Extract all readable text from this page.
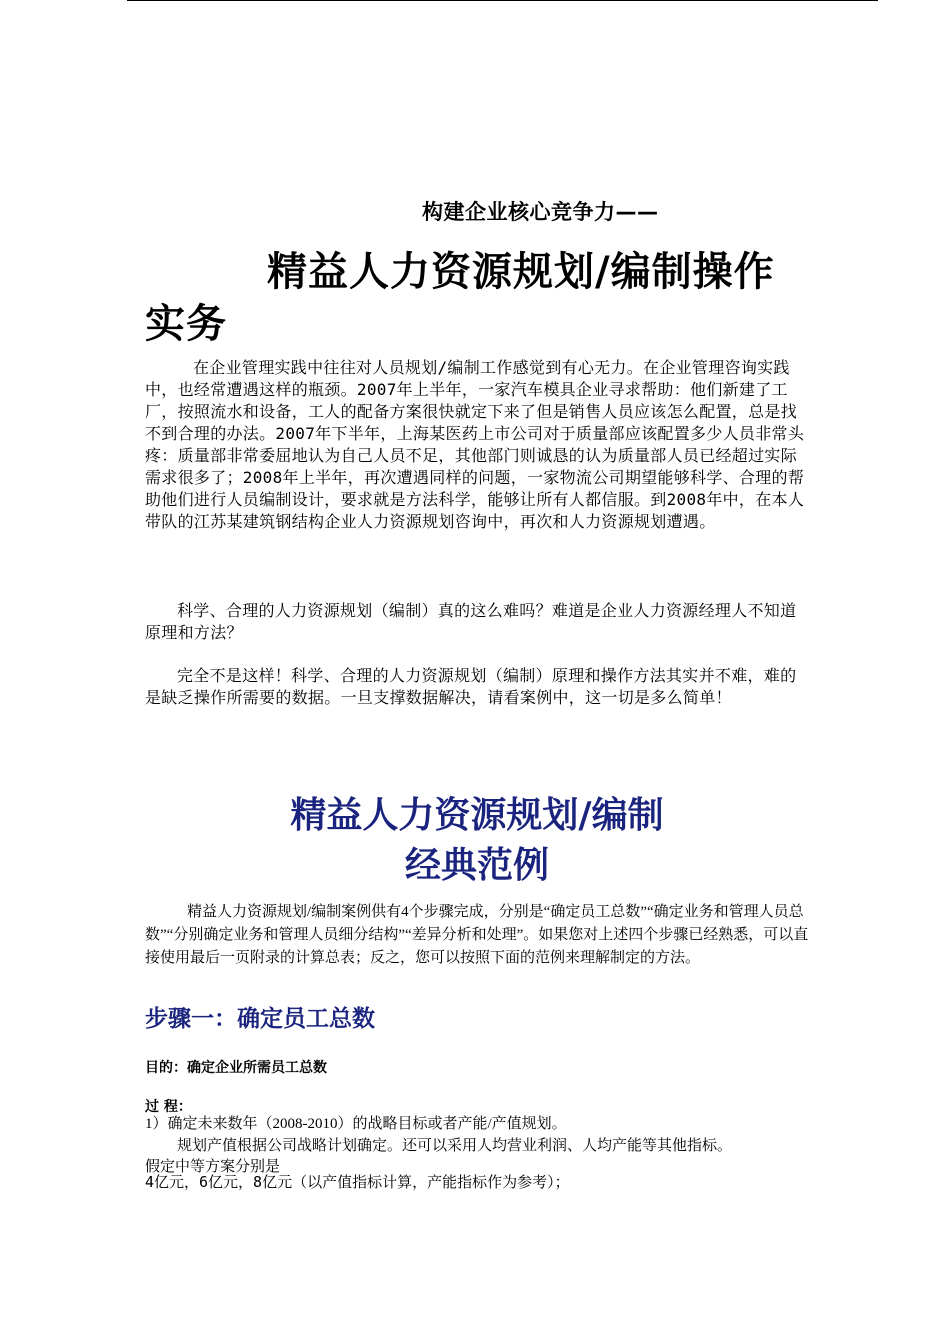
构建企业核心竞争力——
精益人力资源规划/编制操作实务
在企业管理实践中往往对人员规划/编制工作感觉到有心无力。在企业管理咨询实践中，也经常遭遇这样的瓶颈。2007年上半年，一家汽车模具企业寻求帮助：他们新建了工厂，按照流水和设备，工人的配备方案很快就定下来了但是销售人员应该怎么配置，总是找不到合理的办法。2007年下半年，上海某医药上市公司对于质量部应该配置多少人员非常头疼：质量部非常委屈地认为自己人员不足，其他部门则诚恳的认为质量部人员已经超过实际需求很多了；2008年上半年，再次遭遇同样的问题，一家物流公司期望能够科学、合理的帮助他们进行人员编制设计，要求就是方法科学，能够让所有人都信服。到2008年中，在本人带队的江苏某建筑钢结构企业人力资源规划咨询中，再次和人力资源规划遭遇。
科学、合理的人力资源规划（编制）真的这么难吗？难道是企业人力资源经理人不知道原理和方法？
完全不是这样！科学、合理的人力资源规划（编制）原理和操作方法其实并不难，难的是缺乏操作所需要的数据。一旦支撑数据解决，请看案例中，这一切是多么简单！
精益人力资源规划/编制
经典范例
精益人力资源规划/编制案例供有4个步骤完成，分别是“确定员工总数”“确定业务和管理人员总数”“分别确定业务和管理人员细分结构”“差异分析和处理”。如果您对上述四个步骤已经熟悉，可以直接使用最后一页附录的计算总表；反之，您可以按照下面的范例来理解制定的方法。
步骤一：确定员工总数
目的：确定企业所需员工总数
过 程：
1）确定未来数年（2008-2010）的战略目标或者产能/产值规划。
规划产值根据公司战略计划确定。还可以采用人均营业利润、人均产能等其他指标。
假定中等方案分别是
4亿元，6亿元，8亿元（以产值指标计算，产能指标作为参考）；
